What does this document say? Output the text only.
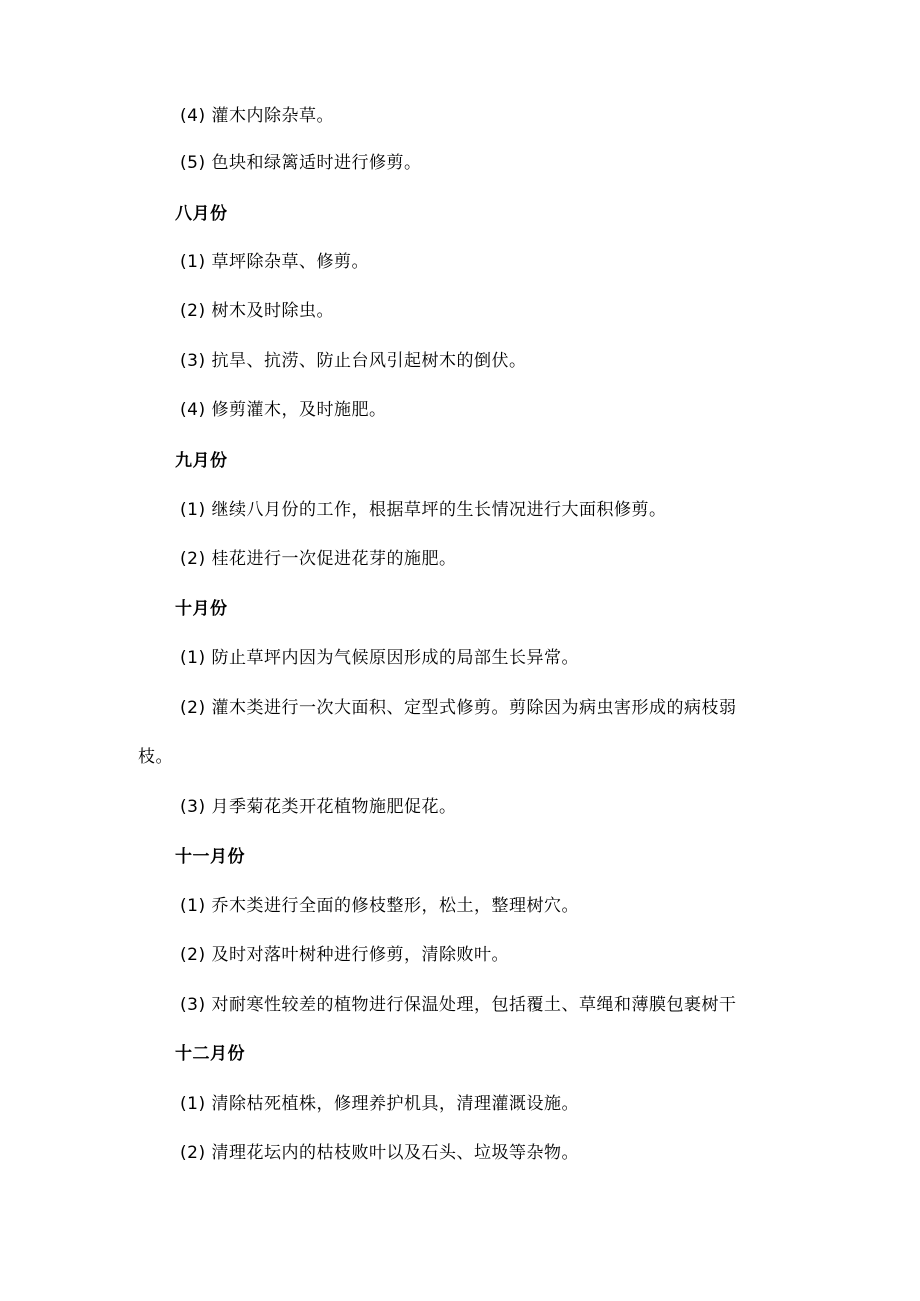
(4) 灌木内除杂草。
(5) 色块和绿篱适时进行修剪。
八月份
(1) 草坪除杂草、修剪。
(2) 树木及时除虫。
(3) 抗旱、抗涝、防止台风引起树木的倒伏。
(4) 修剪灌木，及时施肥。
九月份
(1) 继续八月份的工作，根据草坪的生长情况进行大面积修剪。
(2) 桂花进行一次促进花芽的施肥。
十月份
(1) 防止草坪内因为气候原因形成的局部生长异常。
(2) 灌木类进行一次大面积、定型式修剪。剪除因为病虫害形成的病枝弱
枝。
(3) 月季菊花类开花植物施肥促花。
十一月份
(1) 乔木类进行全面的修枝整形，松土，整理树穴。
(2) 及时对落叶树种进行修剪，清除败叶。
(3) 对耐寒性较差的植物进行保温处理，包括覆土、草绳和薄膜包裹树干
十二月份
(1) 清除枯死植株，修理养护机具，清理灌溉设施。
(2) 清理花坛内的枯枝败叶以及石头、垃圾等杂物。
